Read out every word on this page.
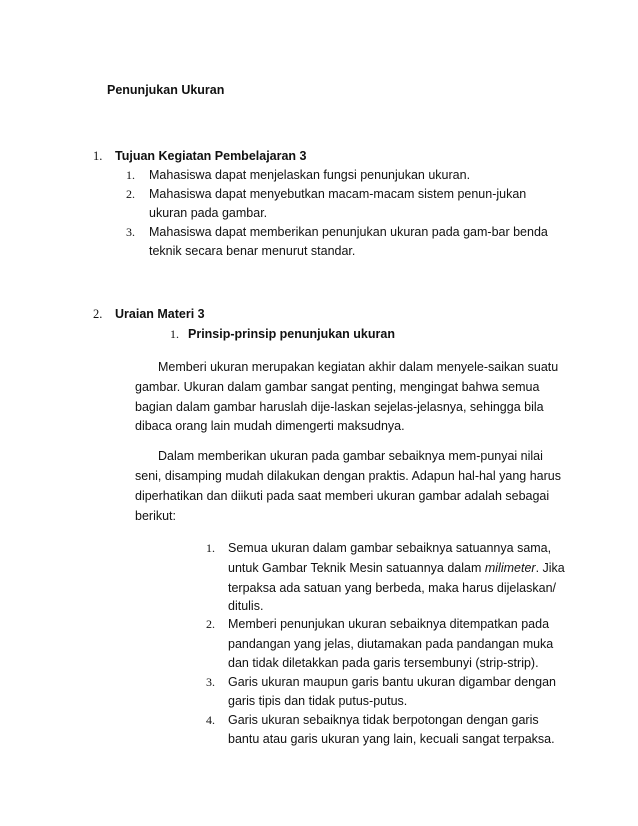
Penunjukan Ukuran
1. Tujuan Kegiatan Pembelajaran 3
1. Mahasiswa dapat menjelaskan fungsi penunjukan ukuran.
2. Mahasiswa dapat menyebutkan macam-macam sistem penun-jukan
ukuran pada gambar.
3. Mahasiswa dapat memberikan penunjukan ukuran pada gam-bar benda
teknik secara benar menurut standar.
2. Uraian Materi 3
1. Prinsip-prinsip penunjukan ukuran
Memberi ukuran merupakan kegiatan akhir dalam menyele-saikan suatu
gambar. Ukuran dalam gambar sangat penting, mengingat bahwa semua
bagian dalam gambar haruslah dije-laskan sejelas-jelasnya, sehingga bila
dibaca orang lain mudah dimengerti maksudnya.
Dalam memberikan ukuran pada gambar sebaiknya mem-punyai nilai
seni, disamping mudah dilakukan dengan praktis. Adapun hal-hal yang harus
diperhatikan dan diikuti pada saat memberi ukuran gambar adalah sebagai
berikut:
1. Semua ukuran dalam gambar sebaiknya satuannya sama,
untuk Gambar Teknik Mesin satuannya dalam milimeter. Jika
terpaksa ada satuan yang berbeda, maka harus dijelaskan/
ditulis.
2. Memberi penunjukan ukuran sebaiknya ditempatkan pada
pandangan yang jelas, diutamakan pada pandangan muka
dan tidak diletakkan pada garis tersembunyi (strip-strip).
3. Garis ukuran maupun garis bantu ukuran digambar dengan
garis tipis dan tidak putus-putus.
4. Garis ukuran sebaiknya tidak berpotongan dengan garis
bantu atau garis ukuran yang lain, kecuali sangat terpaksa.
